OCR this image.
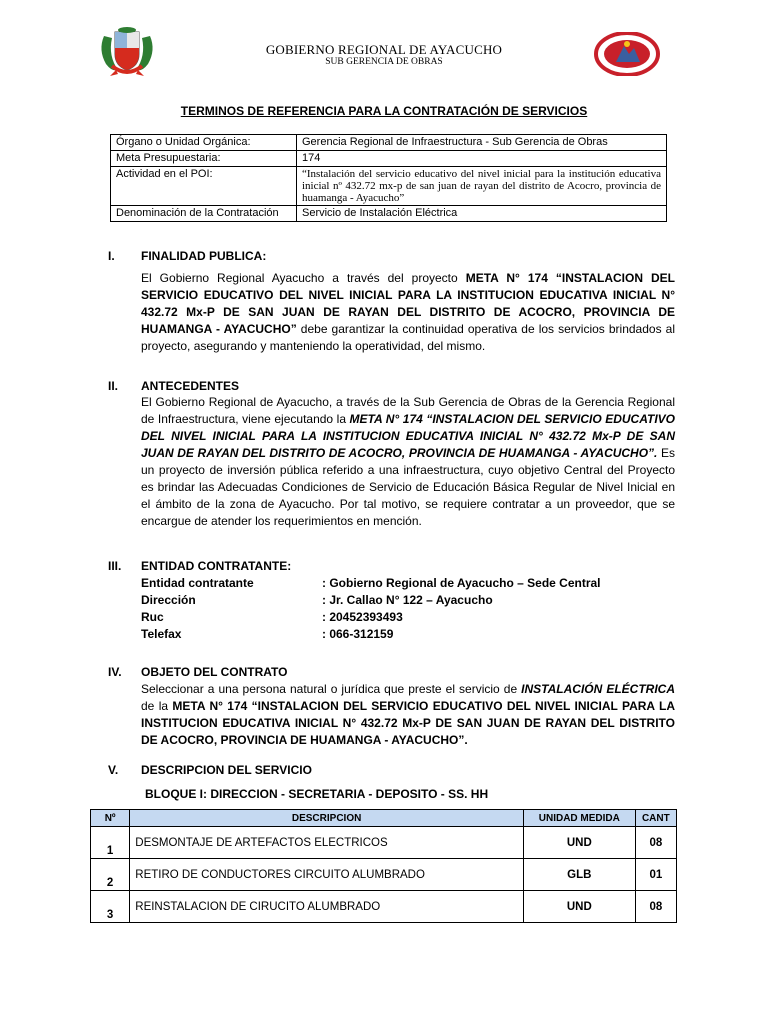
GOBIERNO REGIONAL DE AYACUCHO
SUB GERENCIA DE OBRAS
TERMINOS DE REFERENCIA PARA LA CONTRATACIÓN DE SERVICIOS
Órgano o Unidad Orgánica:	Gerencia Regional de Infraestructura - Sub Gerencia de Obras
Meta Presupuestaria:	174
Actividad en el POI:	“Instalación del servicio educativo del nivel inicial para la institución educativa inicial nº 432.72 mx-p de san juan de rayan del distrito de Acocro, provincia de huamanga - Ayacucho”
Denominación de la Contratación	Servicio de Instalación Eléctrica
I. FINALIDAD PUBLICA:
El Gobierno Regional Ayacucho a través del proyecto META N° 174 “INSTALACION DEL SERVICIO EDUCATIVO DEL NIVEL INICIAL PARA LA INSTITUCION EDUCATIVA INICIAL N° 432.72 Mx-P DE SAN JUAN DE RAYAN DEL DISTRITO DE ACOCRO, PROVINCIA DE HUAMANGA - AYACUCHO” debe garantizar la continuidad operativa de los servicios brindados al proyecto, asegurando y manteniendo la operatividad, del mismo.
II. ANTECEDENTES
El Gobierno Regional de Ayacucho, a través de la Sub Gerencia de Obras de la Gerencia Regional de Infraestructura, viene ejecutando la META N° 174 “INSTALACION DEL SERVICIO EDUCATIVO DEL NIVEL INICIAL PARA LA INSTITUCION EDUCATIVA INICIAL N° 432.72 Mx-P DE SAN JUAN DE RAYAN DEL DISTRITO DE ACOCRO, PROVINCIA DE HUAMANGA - AYACUCHO”. Es un proyecto de inversión pública referido a una infraestructura, cuyo objetivo Central del Proyecto es brindar las Adecuadas Condiciones de Servicio de Educación Básica Regular de Nivel Inicial en el ámbito de la zona de Ayacucho. Por tal motivo, se requiere contratar a un proveedor, que se encargue de atender los requerimientos en mención.
III. ENTIDAD CONTRATANTE:
Entidad contratante	: Gobierno Regional de Ayacucho – Sede Central
Dirección	: Jr. Callao N° 122 – Ayacucho
Ruc	: 20452393493
Telefax	: 066-312159
IV. OBJETO DEL CONTRATO
Seleccionar a una persona natural o jurídica que preste el servicio de INSTALACIÓN ELÉCTRICA de la META N° 174 “INSTALACION DEL SERVICIO EDUCATIVO DEL NIVEL INICIAL PARA LA INSTITUCION EDUCATIVA INICIAL N° 432.72 Mx-P DE SAN JUAN DE RAYAN DEL DISTRITO DE ACOCRO, PROVINCIA DE HUAMANGA - AYACUCHO”.
V. DESCRIPCION DEL SERVICIO
BLOQUE I: DIRECCION - SECRETARIA - DEPOSITO - SS. HH
Nº	DESCRIPCION	UNIDAD MEDIDA	CANT
1	DESMONTAJE DE ARTEFACTOS ELECTRICOS	UND	08
2	RETIRO DE CONDUCTORES CIRCUITO ALUMBRADO	GLB	01
3	REINSTALACION DE CIRUCITO ALUMBRADO	UND	08
